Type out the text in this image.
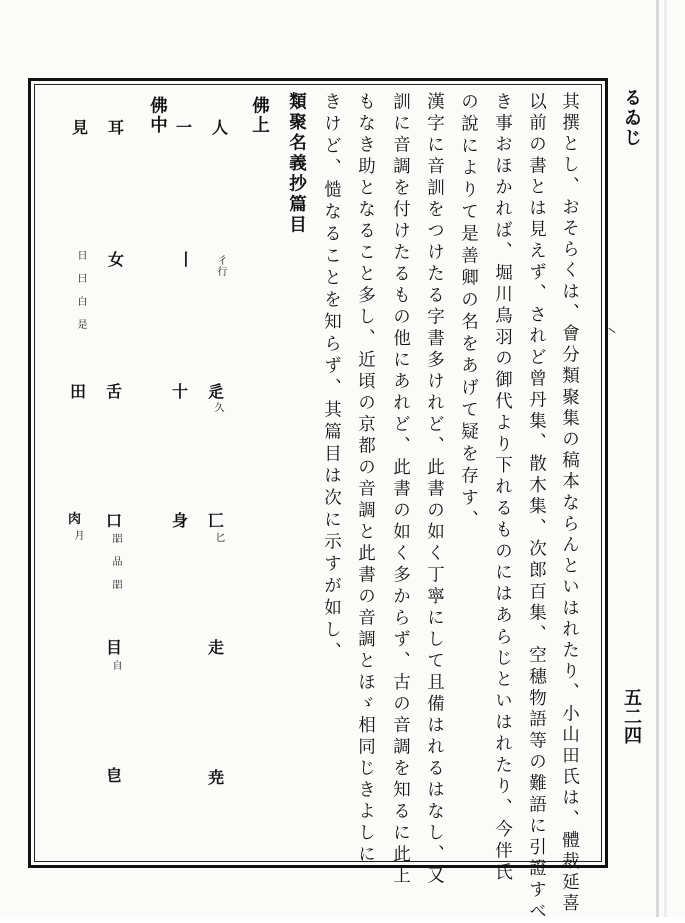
るゐじ
五二四
其撰とし、おそらくは、會分類聚集の稿本ならんといはれたり、小山田氏は、體裁延喜
以前の書とは見えず、されど曾丹集、散木集、次郎百集、空穗物語等の難語に引證すべ
き事おほかれば、堀川鳥羽の御代より下れるものにはあらじといはれたり、今伴氏
の說によりて是善卿の名をあげて疑を存す、
漢字に音訓をつけたる字書多けれど、此書の如く丁寧にして且備はれるはなし、又
訓に音調を付けたるもの他にあれど、此書の如く多からず、古の音調を知るに此上
もなき助となること多し、近頃の京都の音調と此書の音調とほゞ相同じきよしに
きけど、慥なることを知らず、其篇目は次に示すが如し、
類聚名義抄篇目
佛上
佛中	人
彳行
辵
久
匸
匕
走
尭
一
丨
十
身
耳
女
舌
口
㗊 品 㗊
目
自
皀
見
日 曰 白 是
田
肉
月
